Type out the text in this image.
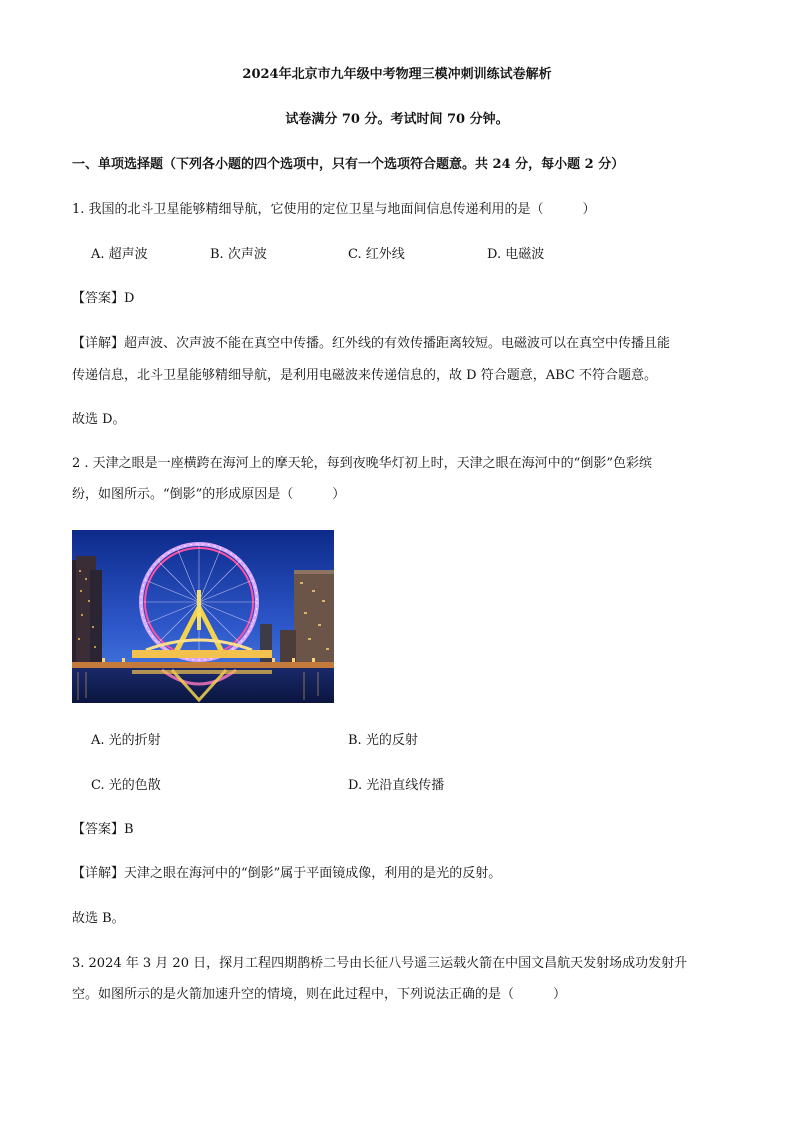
2024年北京市九年级中考物理三模冲刺训练试卷解析
试卷满分 70 分。考试时间 70 分钟。
一、单项选择题（下列各小题的四个选项中，只有一个选项符合题意。共 24 分，每小题 2 分）
1. 我国的北斗卫星能够精细导航，它使用的定位卫星与地面间信息传递利用的是（　　　）
A. 超声波	B. 次声波	C. 红外线	D. 电磁波
【答案】D
【详解】超声波、次声波不能在真空中传播。红外线的有效传播距离较短。电磁波可以在真空中传播且能
传递信息，北斗卫星能够精细导航，是利用电磁波来传递信息的，故 D 符合题意，ABC 不符合题意。
故选 D。
2 . 天津之眼是一座横跨在海河上的摩天轮，每到夜晚华灯初上时，天津之眼在海河中的“倒影”色彩缤
纷，如图所示。“倒影”的形成原因是（　　　）
A. 光的折射	B. 光的反射
C. 光的色散	D. 光沿直线传播
【答案】B
【详解】天津之眼在海河中的“倒影”属于平面镜成像，利用的是光的反射。
故选 B。
3. 2024 年 3 月 20 日，探月工程四期鹊桥二号由长征八号遥三运载火箭在中国文昌航天发射场成功发射升
空。如图所示的是火箭加速升空的情境，则在此过程中，下列说法正确的是（　　　）
